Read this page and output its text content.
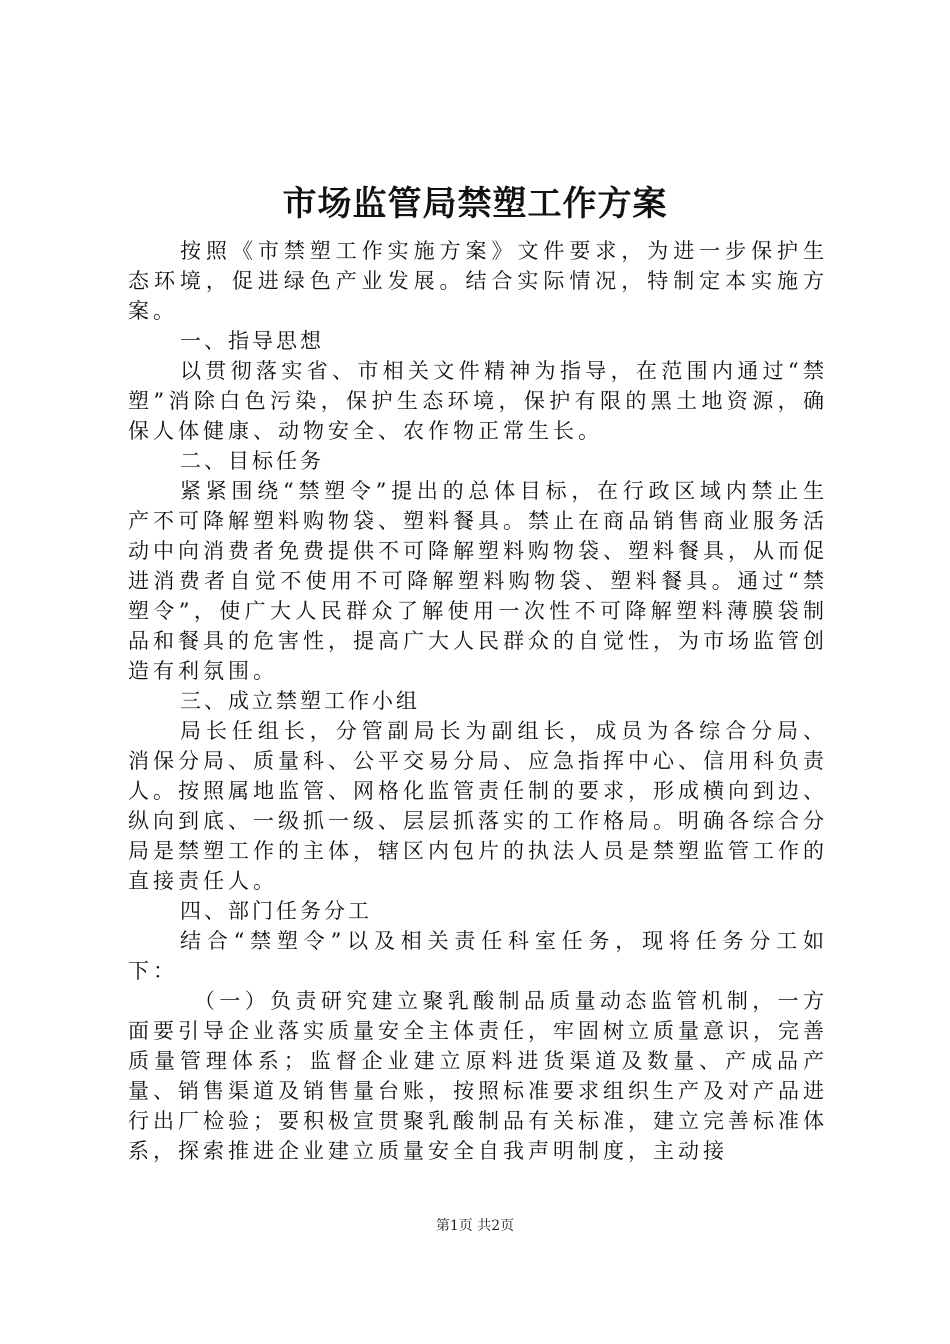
市场监管局禁塑工作方案

按照《市禁塑工作实施方案》文件要求，为进一步保护生态环境，促进绿色产业发展。结合实际情况，特制定本实施方案。

一、指导思想

以贯彻落实省、市相关文件精神为指导，在范围内通过“禁塑”消除白色污染，保护生态环境，保护有限的黑土地资源，确保人体健康、动物安全、农作物正常生长。

二、目标任务

紧紧围绕“禁塑令”提出的总体目标，在行政区域内禁止生产不可降解塑料购物袋、塑料餐具。禁止在商品销售商业服务活动中向消费者免费提供不可降解塑料购物袋、塑料餐具，从而促进消费者自觉不使用不可降解塑料购物袋、塑料餐具。通过“禁塑令”，使广大人民群众了解使用一次性不可降解塑料薄膜袋制品和餐具的危害性，提高广大人民群众的自觉性，为市场监管创造有利氛围。

三、成立禁塑工作小组

局长任组长，分管副局长为副组长，成员为各综合分局、消保分局、质量科、公平交易分局、应急指挥中心、信用科负责人。按照属地监管、网格化监管责任制的要求，形成横向到边、纵向到底、一级抓一级、层层抓落实的工作格局。明确各综合分局是禁塑工作的主体，辖区内包片的执法人员是禁塑监管工作的直接责任人。

四、部门任务分工

结合“禁塑令”以及相关责任科室任务，现将任务分工如下：

（一）负责研究建立聚乳酸制品质量动态监管机制，一方面要引导企业落实质量安全主体责任，牢固树立质量意识，完善质量管理体系；监督企业建立原料进货渠道及数量、产成品产量、销售渠道及销售量台账，按照标准要求组织生产及对产品进行出厂检验；要积极宣贯聚乳酸制品有关标准，建立完善标准体系，探索推进企业建立质量安全自我声明制度，主动接

第1页 共2页
